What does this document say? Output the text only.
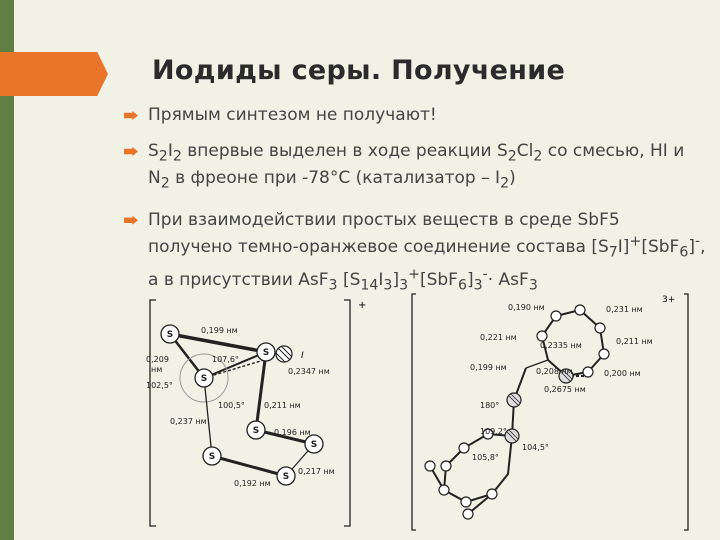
Иодиды серы. Получение
Прямым синтезом не получают!
$S_2I_2$ впервые выделен в ходе реакции $S_2Cl_2$ со смесью, HI и $N_2$ в фреоне при -78°C (катализатор – $I_2$)
При взаимодействии простых веществ в среде SbF5 получено темно-оранжевое соединение состава $[S_7I]^+[SbF_6]^-$, а в присутствии AsF$_3$ $[S_{14}I_3]_3^+[SbF_6]_3^-\cdot AsF_3$
+
S
S
S
S
S
S
S
I
0,199 нм
0,209
нм
107,6°
102,5°
0,2347 нм
100,5° 0,211 нм
0,237 нм
0,196 нм
0,217 нм
0,192 нм
3+
0,190 нм	0,231 нм
0,221 нм
0,2335 нм	0,211 нм
0,199 нм	0,208 нм	0,200 нм
0,2675 нм
180°
109,2°
104,5°
105,8°
